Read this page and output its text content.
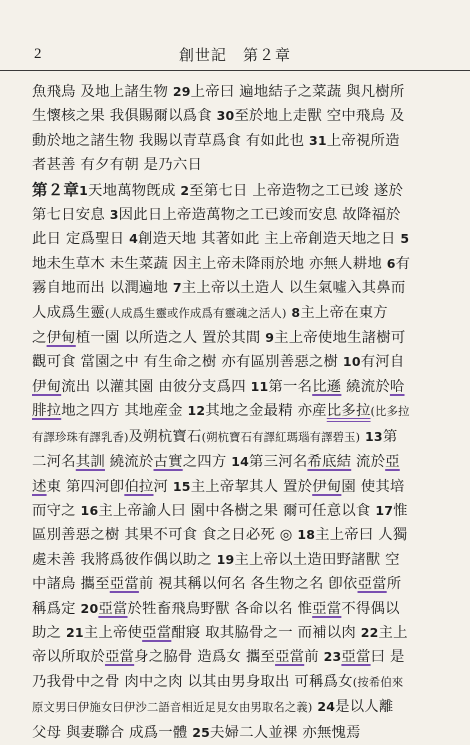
2	創世記　第２章
魚飛鳥 及地上諸生物 29上帝曰 遍地結子之菜蔬 與凡樹所
生懷核之果 我俱賜爾以爲食 30至於地上走獸 空中飛鳥 及
動於地之諸生物 我賜以青草爲食 有如此也 31上帝視所造
者甚善 有夕有朝 是乃六日
第２章1天地萬物旣成 2至第七日 上帝造物之工已竣 遂於
第七日安息 3因此日上帝造萬物之工已竣而安息 故降福於
此日 定爲聖日 4創造天地 其著如此 主上帝創造天地之日 5
地未生草木 未生菜蔬 因主上帝未降雨於地 亦無人耕地 6有
霧自地而出 以潤遍地 7主上帝以土造人 以生氣噓入其鼻而
人成爲生靈(人成爲生靈或作成爲有靈魂之活人) 8主上帝在東方
之伊甸植一園 以所造之人 置於其間 9主上帝使地生諸樹可
觀可食 當園之中 有生命之樹 亦有區別善惡之樹 10有河自
伊甸流出 以灌其園 由彼分支爲四 11第一名比遜 繞流於哈
腓拉地之四方 其地産金 12其地之金最精 亦産比多拉(比多拉
有譯珍珠有譯乳香)及朔杭寶石(朔杭寶石有譯紅瑪瑙有譯碧玉) 13第
二河名其訓 繞流於古實之四方 14第三河名希底結 流於亞
述東 第四河卽伯拉河 15主上帝挈其人 置於伊甸園 使其培
而守之 16主上帝諭人曰 園中各樹之果 爾可任意以食 17惟
區別善惡之樹 其果不可食 食之日必死 ◎ 18主上帝曰 人獨
處未善 我將爲彼作偶以助之 19主上帝以土造田野諸獸 空
中諸鳥 攜至亞當前 視其稱以何名 各生物之名 卽依亞當所
稱爲定 20亞當於牲畜飛鳥野獸 各命以名 惟亞當不得偶以
助之 21主上帝使亞當酣寢 取其脇骨之一 而補以肉 22主上
帝以所取於亞當身之脇骨 造爲女 攜至亞當前 23亞當曰 是
乃我骨中之骨 肉中之肉 以其由男身取出 可稱爲女(按希伯來
原文男曰伊施女曰伊沙二語音相近足見女由男取名之義) 24是以人離
父母 與妻聯合 成爲一體 25夫婦二人並祼 亦無愧焉
